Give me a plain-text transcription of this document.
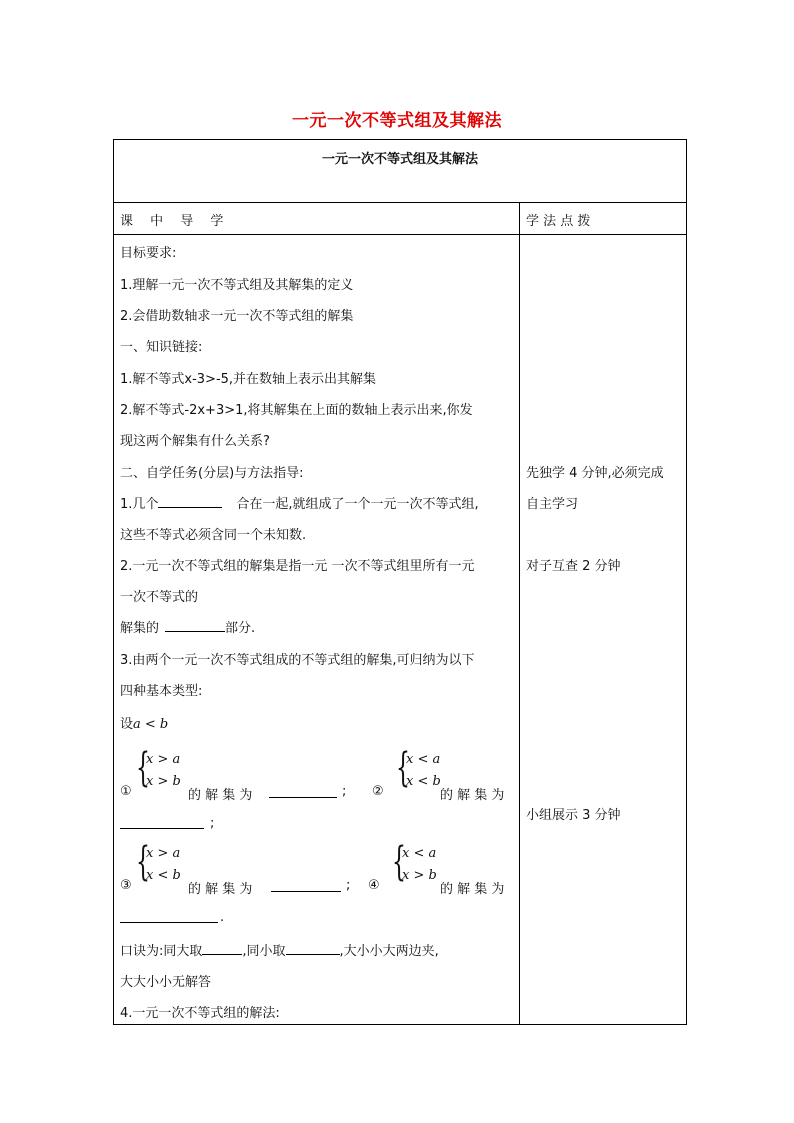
一元一次不等式组及其解法
一元一次不等式组及其解法
课　 中　 导　 学	学 法 点 拨
目标要求:
1.理解一元一次不等式组及其解集的定义
2.会借助数轴求一元一次不等式组的解集
一、知识链接:
1.解不等式x-3>-5,并在数轴上表示出其解集
2.解不等式-2x+3>1,将其解集在上面的数轴上表示出来,你发
现这两个解集有什么关系?
二、自学任务(分层)与方法指导:
1.几个	合在一起,就组成了一个一元一次不等式组,
这些不等式必须含同一个未知数.
2.一元一次不等式组的解集是指一元 一次不等式组里所有一元
一次不等式的
解集的	部分.
3.由两个一元一次不等式组成的不等式组的解集,可归纳为以下
四种基本类型:
设a < b
{
x > a
x > b
①	的 解 集 为	;
{
x < a
x < b
②	的 解 集 为
;
{
x > a
x < b
③	的 解 集 为	;
{
x < a
x > b
④	的 解 集 为
.
口诀为:同大取	,同小取	,大小小大两边夹,
大大小小无解答
4.一元一次不等式组的解法:
先独学 4 分钟,必须完成
自主学习
对子互查 2 分钟
小组展示 3 分钟
